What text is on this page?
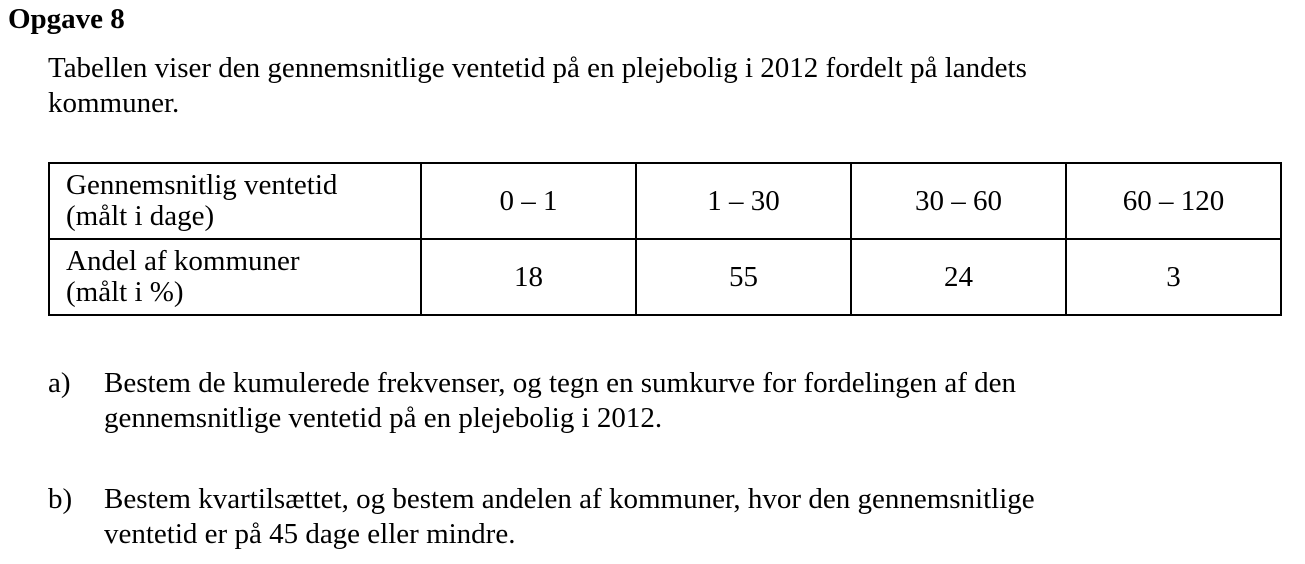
Opgave 8
Tabellen viser den gennemsnitlige ventetid på en plejebolig i 2012 fordelt på landets
kommuner.
Gennemsnitlig ventetid
(målt i dage)	0 – 1	1 – 30	30 – 60	60 – 120

Andel af kommuner
(målt i %)	18	55	24	3
a) Bestem de kumulerede frekvenser, og tegn en sumkurve for fordelingen af den
gennemsnitlige ventetid på en plejebolig i 2012.
b) Bestem kvartilsættet, og bestem andelen af kommuner, hvor den gennemsnitlige
ventetid er på 45 dage eller mindre.
